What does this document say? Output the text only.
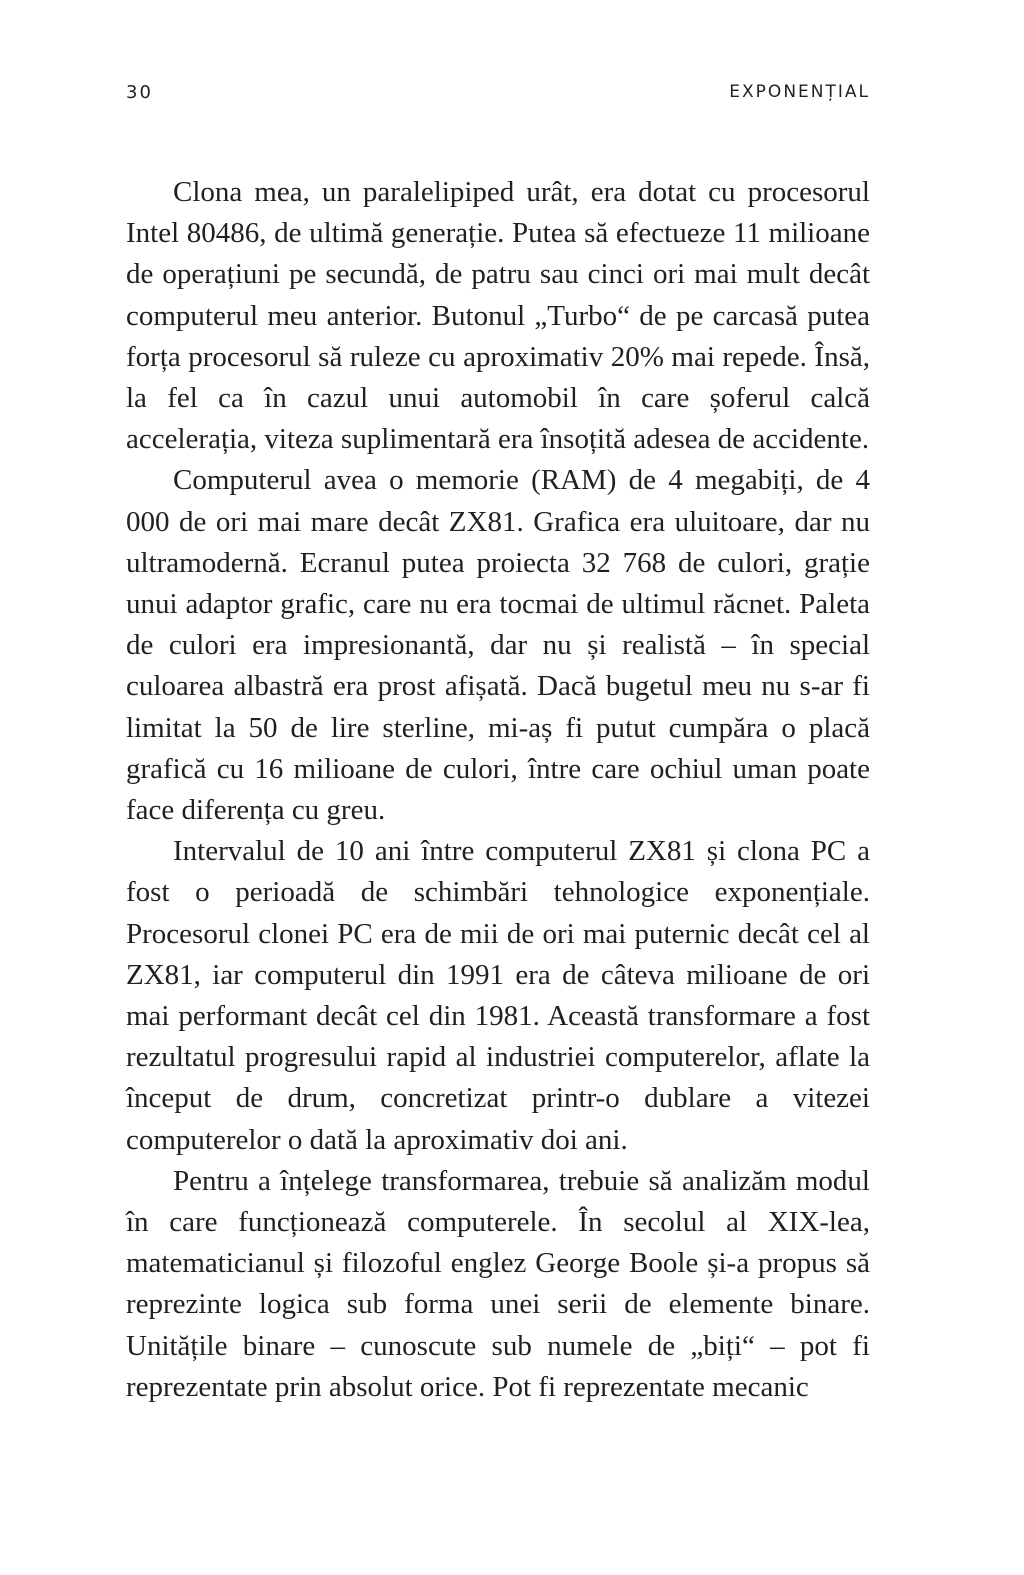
30	EXPONENȚIAL

Clona mea, un paralelipiped urât, era dotat cu procesorul Intel 80486, de ultimă generație. Putea să efectueze 11 milioane de operațiuni pe secundă, de patru sau cinci ori mai mult decât computerul meu anterior. Butonul „Turbo“ de pe carcasă putea forța procesorul să ruleze cu aproximativ 20% mai repede. Însă, la fel ca în cazul unui automobil în care șoferul calcă accelerația, viteza suplimentară era însoțită adesea de accidente.

Computerul avea o memorie (RAM) de 4 megabiți, de 4 000 de ori mai mare decât ZX81. Grafica era uluitoare, dar nu ultramodernă. Ecranul putea proiecta 32 768 de culori, grație unui adaptor grafic, care nu era tocmai de ultimul răcnet. Paleta de culori era impresionantă, dar nu și realistă – în special culoarea albastră era prost afișată. Dacă bugetul meu nu s-ar fi limitat la 50 de lire sterline, mi-aș fi putut cumpăra o placă grafică cu 16 milioane de culori, între care ochiul uman poate face diferența cu greu.

Intervalul de 10 ani între computerul ZX81 și clona PC a fost o perioadă de schimbări tehnologice exponențiale. Procesorul clonei PC era de mii de ori mai puternic decât cel al ZX81, iar computerul din 1991 era de câteva milioane de ori mai performant decât cel din 1981. Această transformare a fost rezultatul progresului rapid al industriei computerelor, aflate la început de drum, concretizat printr-o dublare a vitezei computerelor o dată la aproximativ doi ani.

Pentru a înțelege transformarea, trebuie să analizăm modul în care funcționează computerele. În secolul al XIX-lea, matematicianul și filozoful englez George Boole și-a propus să reprezinte logica sub forma unei serii de elemente binare. Unitățile binare – cunoscute sub numele de „biți“ – pot fi reprezentate prin absolut orice. Pot fi reprezentate mecanic
